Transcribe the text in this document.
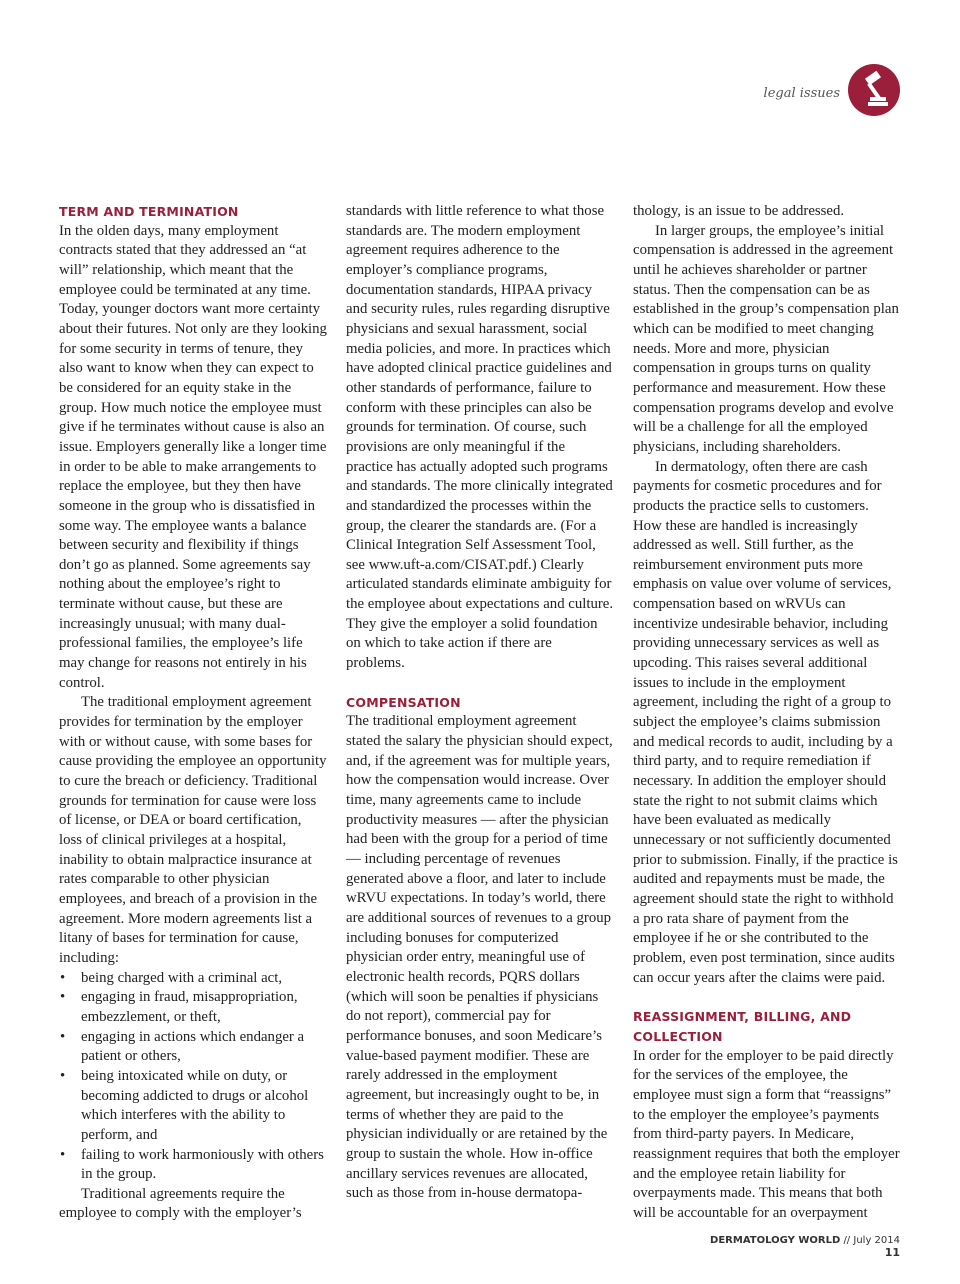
legal issues
TERM AND TERMINATION

In the olden days, many employment contracts stated that they addressed an “at will” relationship, which meant that the employee could be terminated at any time. Today, younger doctors want more certainty about their futures. Not only are they looking for some security in terms of tenure, they also want to know when they can expect to be considered for an equity stake in the group. How much notice the employee must give if he terminates without cause is also an issue. Employers generally like a longer time in order to be able to make arrangements to replace the employee, but they then have someone in the group who is dissatisfied in some way. The employee wants a balance between security and flexibility if things don’t go as planned. Some agreements say nothing about the employee’s right to terminate without cause, but these are increasingly unusual; with many dual-professional families, the employee’s life may change for reasons not entirely in his control.

The traditional employment agreement provides for termination by the employer with or without cause, with some bases for cause providing the employee an opportunity to cure the breach or deficiency. Traditional grounds for termination for cause were loss of license, or DEA or board certification, loss of clinical privileges at a hospital, inability to obtain malpractice insurance at rates comparable to other physician employees, and breach of a provision in the agreement. More modern agreements list a litany of bases for termination for cause, including:

• being charged with a criminal act,
• engaging in fraud, misappropriation, embezzlement, or theft,
• engaging in actions which endanger a patient or others,
• being intoxicated while on duty, or becoming addicted to drugs or alcohol which interferes with the ability to perform, and
• failing to work harmoniously with others in the group.

Traditional agreements require the employee to comply with the employer’s

standards with little reference to what those standards are. The modern employment agreement requires adherence to the employer’s compliance programs, documentation standards, HIPAA privacy and security rules, rules regarding disruptive physicians and sexual harassment, social media policies, and more. In practices which have adopted clinical practice guidelines and other standards of performance, failure to conform with these principles can also be grounds for termination. Of course, such provisions are only meaningful if the practice has actually adopted such programs and standards. The more clinically integrated and standardized the processes within the group, the clearer the standards are. (For a Clinical Integration Self Assessment Tool, see www.uft-a.com/CISAT.pdf.) Clearly articulated standards eliminate ambiguity for the employee about expectations and culture. They give the employer a solid foundation on which to take action if there are problems.

COMPENSATION

The traditional employment agreement stated the salary the physician should expect, and, if the agreement was for multiple years, how the compensation would increase. Over time, many agreements came to include productivity measures — after the physician had been with the group for a period of time — including percentage of revenues generated above a floor, and later to include wRVU expectations. In today’s world, there are additional sources of revenues to a group including bonuses for computerized physician order entry, meaningful use of electronic health records, PQRS dollars (which will soon be penalties if physicians do not report), commercial pay for performance bonuses, and soon Medicare’s value-based payment modifier. These are rarely addressed in the employment agreement, but increasingly ought to be, in terms of whether they are paid to the physician individually or are retained by the group to sustain the whole. How in-office ancillary services revenues are allocated, such as those from in-house dermatopa-

thology, is an issue to be addressed.

In larger groups, the employee’s initial compensation is addressed in the agreement until he achieves shareholder or partner status. Then the compensation can be as established in the group’s compensation plan which can be modified to meet changing needs. More and more, physician compensation in groups turns on quality performance and measurement. How these compensation programs develop and evolve will be a challenge for all the employed physicians, including shareholders.

In dermatology, often there are cash payments for cosmetic procedures and for products the practice sells to customers. How these are handled is increasingly addressed as well. Still further, as the reimbursement environment puts more emphasis on value over volume of services, compensation based on wRVUs can incentivize undesirable behavior, including providing unnecessary services as well as upcoding. This raises several additional issues to include in the employment agreement, including the right of a group to subject the employee’s claims submission and medical records to audit, including by a third party, and to require remediation if necessary. In addition the employer should state the right to not submit claims which have been evaluated as medically unnecessary or not sufficiently documented prior to submission. Finally, if the practice is audited and repayments must be made, the agreement should state the right to withhold a pro rata share of payment from the employee if he or she contributed to the problem, even post termination, since audits can occur years after the claims were paid.

REASSIGNMENT, BILLING, AND COLLECTION

In order for the employer to be paid directly for the services of the employee, the employee must sign a form that “reassigns” to the employer the employee’s payments from third-party payers. In Medicare, reassignment requires that both the employer and the employee retain liability for overpayments made. This means that both will be accountable for an overpayment

DERMATOLOGY WORLD // July 2014 11
